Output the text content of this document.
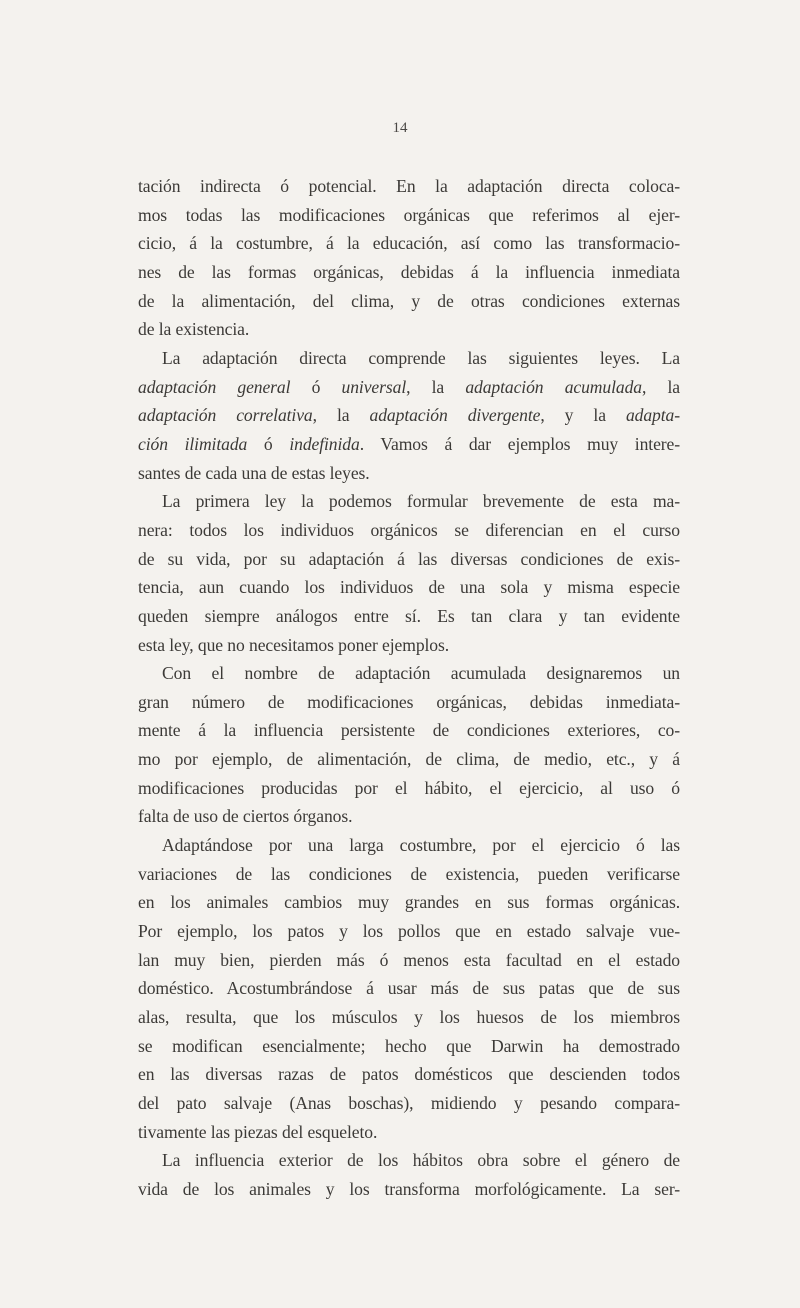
14

tación indirecta ó potencial. En la adaptación directa coloca-
mos todas las modificaciones orgánicas que referimos al ejer-
cicio, á la costumbre, á la educación, así como las transformacio-
nes de las formas orgánicas, debidas á la influencia inmediata
de la alimentación, del clima, y de otras condiciones externas
de la existencia.

La adaptación directa comprende las siguientes leyes. La
adaptación general ó universal, la adaptación acumulada, la
adaptación correlativa, la adaptación divergente, y la adapta-
ción ilimitada ó indefinida. Vamos á dar ejemplos muy intere-
santes de cada una de estas leyes.

La primera ley la podemos formular brevemente de esta ma-
nera: todos los individuos orgánicos se diferencian en el curso
de su vida, por su adaptación á las diversas condiciones de exis-
tencia, aun cuando los individuos de una sola y misma especie
queden siempre análogos entre sí. Es tan clara y tan evidente
esta ley, que no necesitamos poner ejemplos.

Con el nombre de adaptación acumulada designaremos un
gran número de modificaciones orgánicas, debidas inmediata-
mente á la influencia persistente de condiciones exteriores, co-
mo por ejemplo, de alimentación, de clima, de medio, etc., y á
modificaciones producidas por el hábito, el ejercicio, al uso ó
falta de uso de ciertos órganos.

Adaptándose por una larga costumbre, por el ejercicio ó las
variaciones de las condiciones de existencia, pueden verificarse
en los animales cambios muy grandes en sus formas orgánicas.
Por ejemplo, los patos y los pollos que en estado salvaje vue-
lan muy bien, pierden más ó menos esta facultad en el estado
doméstico. Acostumbrándose á usar más de sus patas que de sus
alas, resulta, que los músculos y los huesos de los miembros
se modifican esencialmente; hecho que Darwin ha demostrado
en las diversas razas de patos domésticos que descienden todos
del pato salvaje (Anas boschas), midiendo y pesando compara-
tivamente las piezas del esqueleto.

La influencia exterior de los hábitos obra sobre el género de
vida de los animales y los transforma morfológicamente. La ser-
